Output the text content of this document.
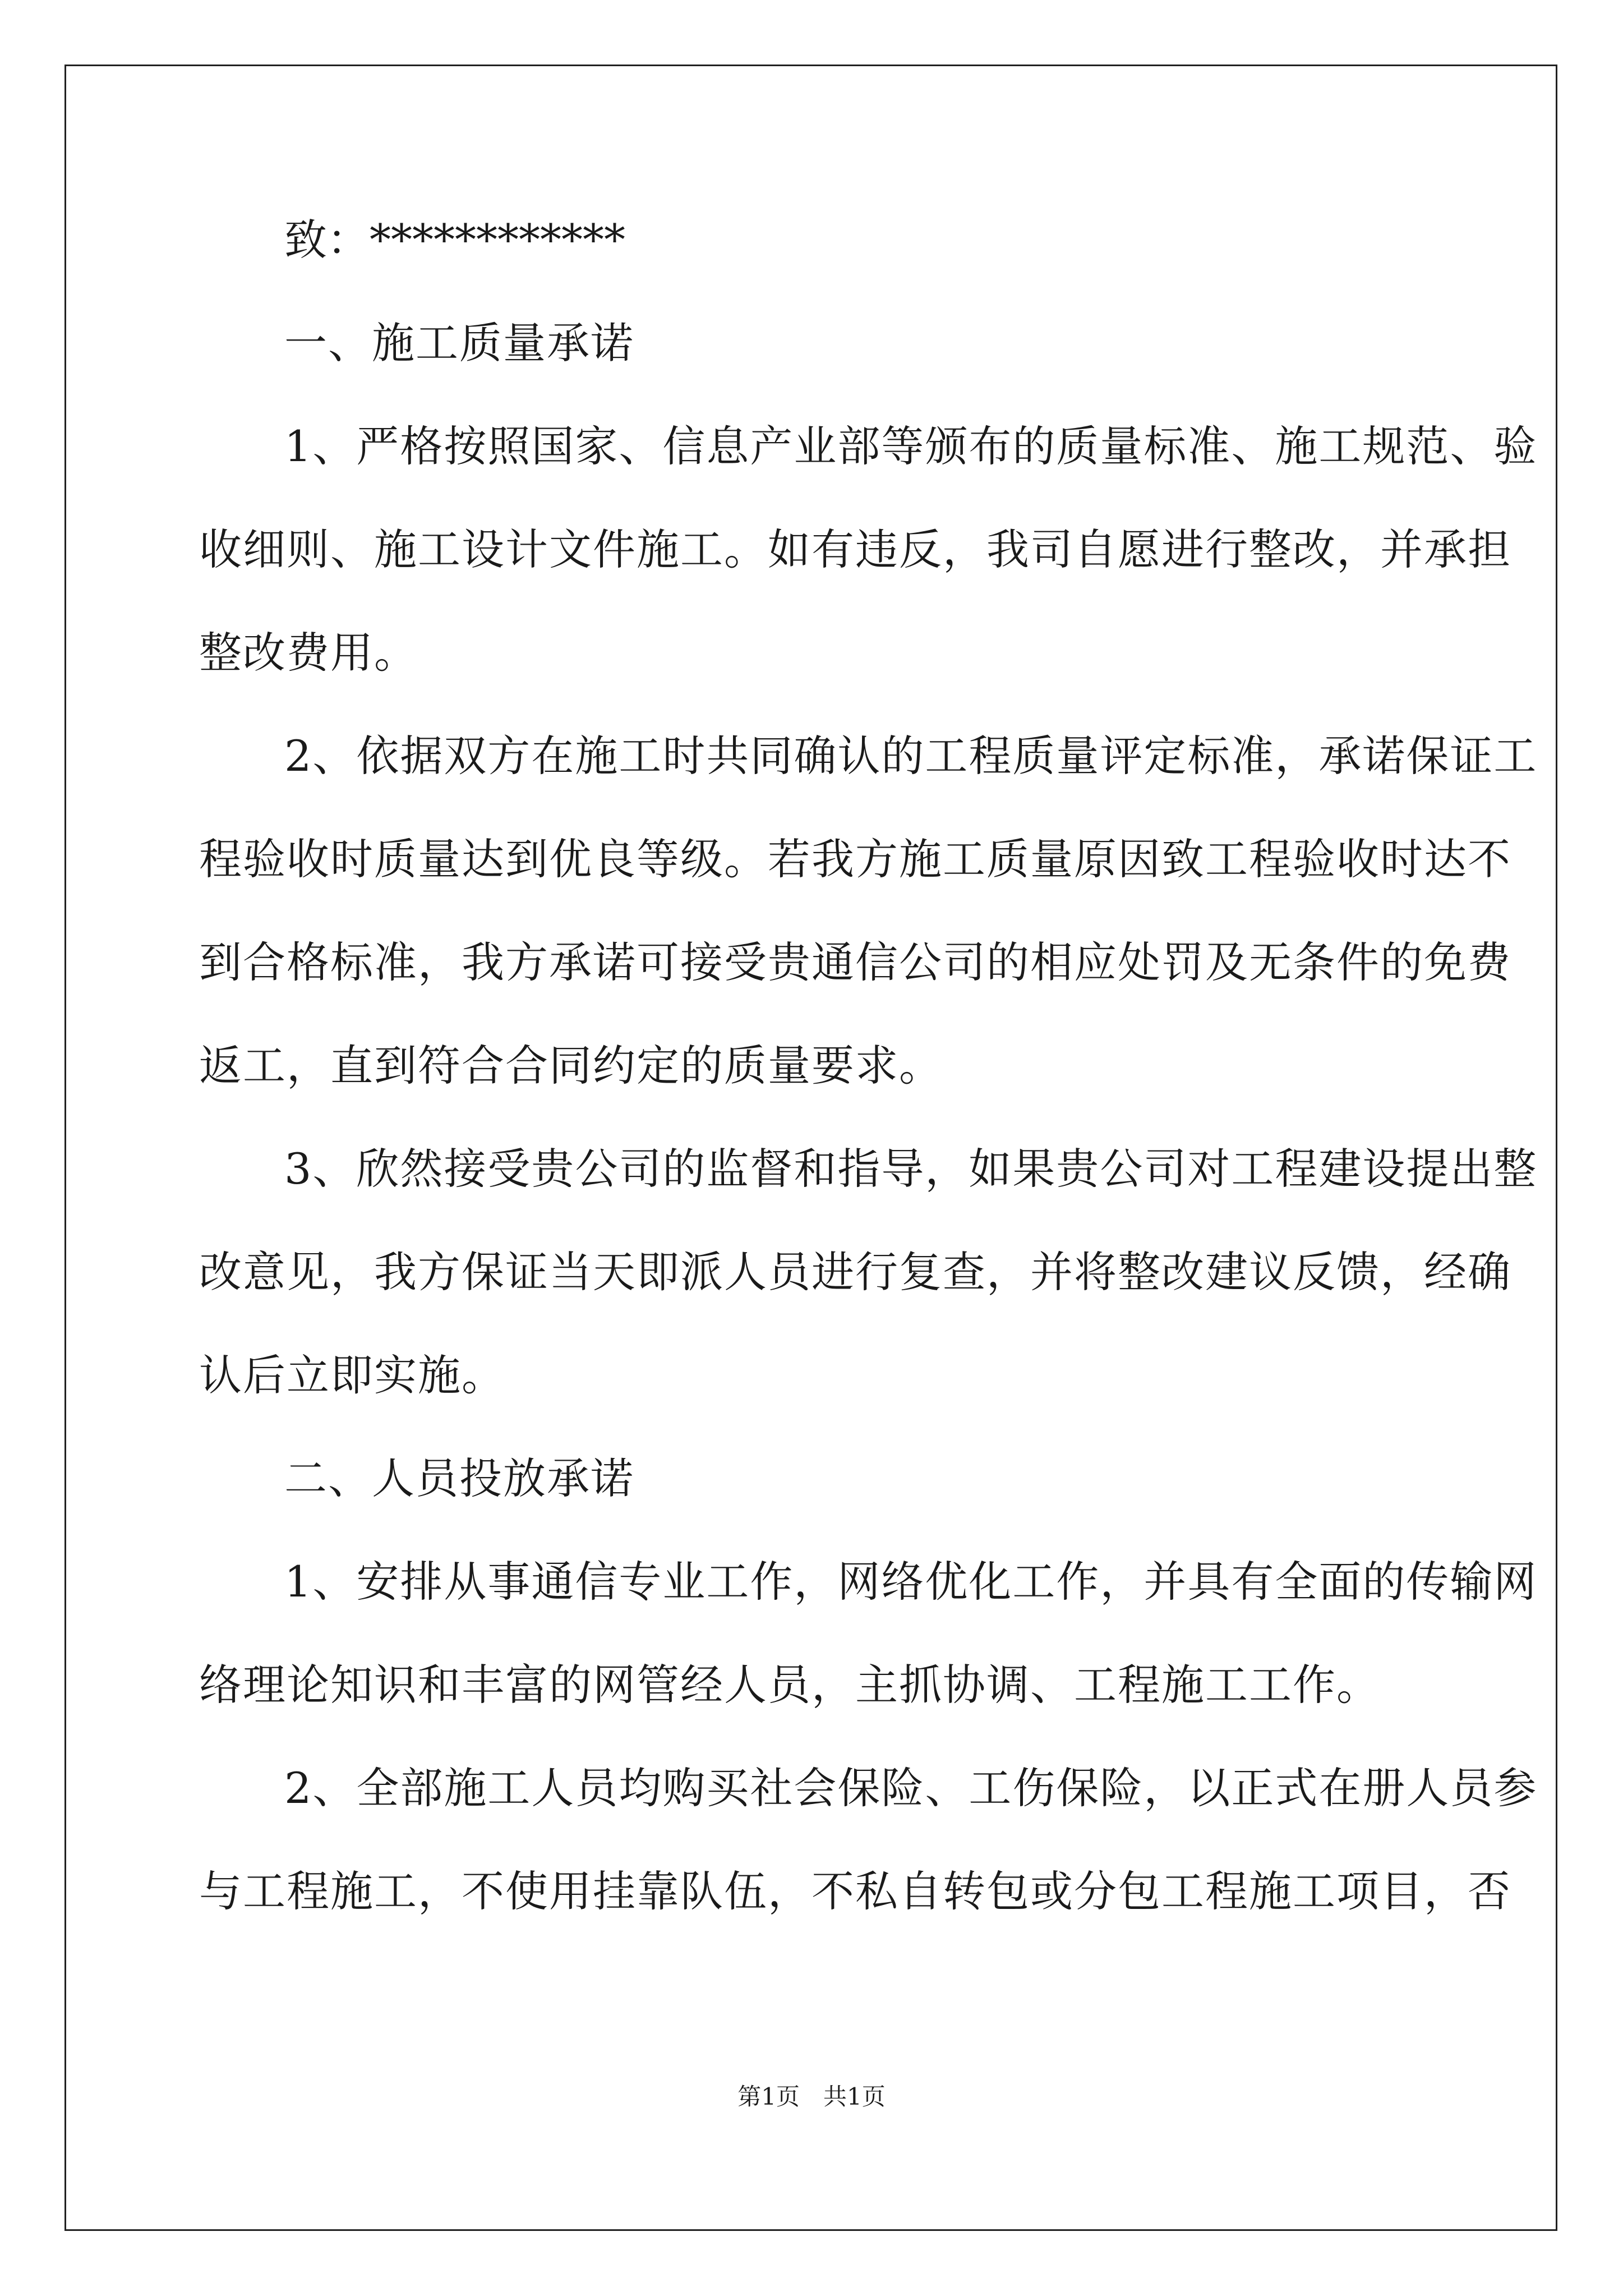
致：************
一、施工质量承诺
1、严格按照国家、信息产业部等颁布的质量标准、施工规范、验
收细则、施工设计文件施工。如有违反，我司自愿进行整改，并承担
整改费用。
2、依据双方在施工时共同确认的工程质量评定标准，承诺保证工
程验收时质量达到优良等级。若我方施工质量原因致工程验收时达不
到合格标准，我方承诺可接受贵通信公司的相应处罚及无条件的免费
返工，直到符合合同约定的质量要求。
3、欣然接受贵公司的监督和指导，如果贵公司对工程建设提出整
改意见，我方保证当天即派人员进行复查，并将整改建议反馈，经确
认后立即实施。
二、人员投放承诺
1、安排从事通信专业工作，网络优化工作，并具有全面的传输网
络理论知识和丰富的网管经人员，主抓协调、工程施工工作。
2、全部施工人员均购买社会保险、工伤保险，以正式在册人员参
与工程施工，不使用挂靠队伍，不私自转包或分包工程施工项目，否
第1页　共1页
